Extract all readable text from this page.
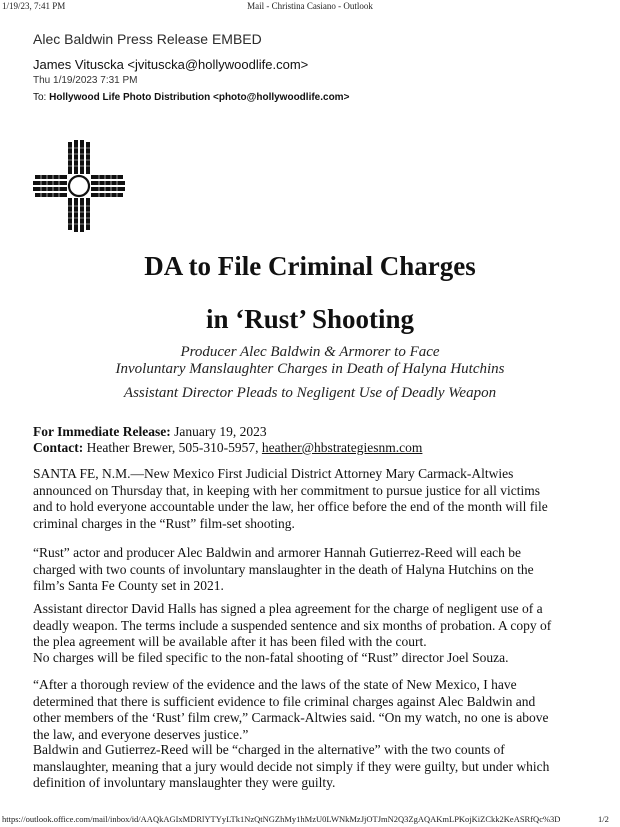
1/19/23, 7:41 PM	Mail - Christina Casiano - Outlook
Alec Baldwin Press Release EMBED
James Vituscka <jvituscka@hollywoodlife.com>
Thu 1/19/2023 7:31 PM
To: Hollywood Life Photo Distribution <photo@hollywoodlife.com>
DA to File Criminal Charges
in ‘Rust’ Shooting
Producer Alec Baldwin & Armorer to Face
Involuntary Manslaughter Charges in Death of Halyna Hutchins
Assistant Director Pleads to Negligent Use of Deadly Weapon
For Immediate Release: January 19, 2023
Contact: Heather Brewer, 505-310-5957, heather@hbstrategiesnm.com
SANTA FE, N.M.—New Mexico First Judicial District Attorney Mary Carmack-Altwies
announced on Thursday that, in keeping with her commitment to pursue justice for all victims
and to hold everyone accountable under the law, her office before the end of the month will file
criminal charges in the “Rust” film-set shooting.
“Rust” actor and producer Alec Baldwin and armorer Hannah Gutierrez-Reed will each be
charged with two counts of involuntary manslaughter in the death of Halyna Hutchins on the
film’s Santa Fe County set in 2021.
Assistant director David Halls has signed a plea agreement for the charge of negligent use of a
deadly weapon. The terms include a suspended sentence and six months of probation. A copy of
the plea agreement will be available after it has been filed with the court.
No charges will be filed specific to the non-fatal shooting of “Rust” director Joel Souza.
“After a thorough review of the evidence and the laws of the state of New Mexico, I have
determined that there is sufficient evidence to file criminal charges against Alec Baldwin and
other members of the ‘Rust’ film crew,” Carmack-Altwies said. “On my watch, no one is above
the law, and everyone deserves justice.”
Baldwin and Gutierrez-Reed will be “charged in the alternative” with the two counts of
manslaughter, meaning that a jury would decide not simply if they were guilty, but under which
definition of involuntary manslaughter they were guilty.
https://outlook.office.com/mail/inbox/id/AAQkAGIxMDRlYTYyLTk1NzQtNGZhMy1hMzU0LWNkMzJjOTJmN2Q3ZgAQAKmLPKojKiZCkk2KeASRfQc%3D	1/2
